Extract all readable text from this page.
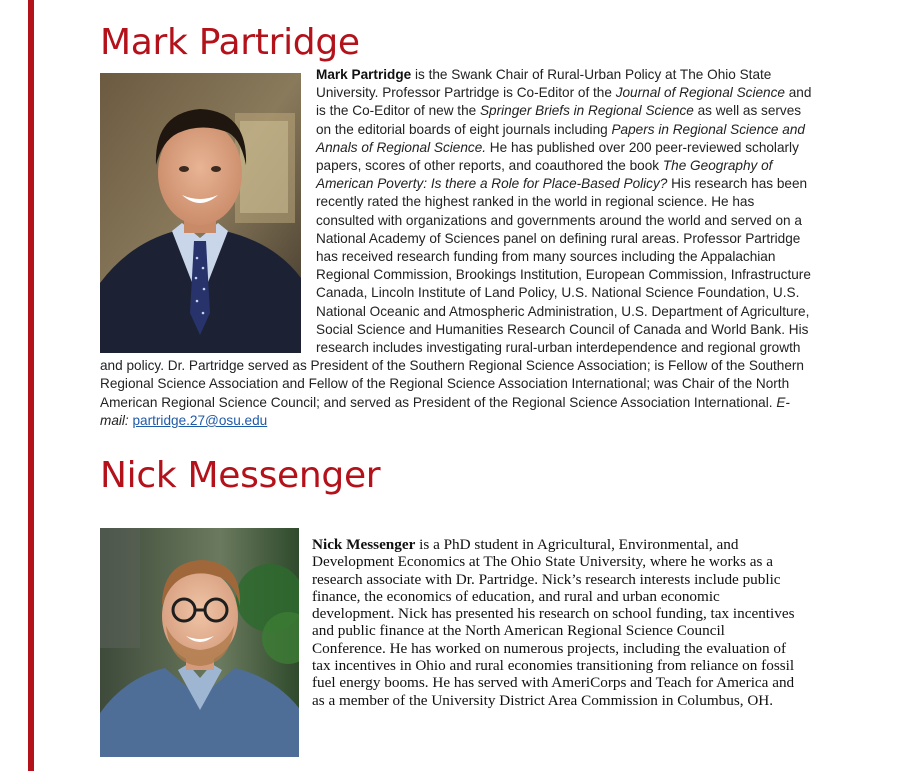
Mark Partridge
Mark Partridge is the Swank Chair of Rural-Urban Policy at The Ohio State University. Professor Partridge is Co-Editor of the Journal of Regional Science and is the Co-Editor of new the Springer Briefs in Regional Science as well as serves on the editorial boards of eight journals including Papers in Regional Science and Annals of Regional Science. He has published over 200 peer-reviewed scholarly papers, scores of other reports, and coauthored the book The Geography of American Poverty: Is there a Role for Place-Based Policy? His research has been recently rated the highest ranked in the world in regional science. He has consulted with organizations and governments around the world and served on a National Academy of Sciences panel on defining rural areas. Professor Partridge has received research funding from many sources including the Appalachian Regional Commission, Brookings Institution, European Commission, Infrastructure Canada, Lincoln Institute of Land Policy, U.S. National Science Foundation, U.S. National Oceanic and Atmospheric Administration, U.S. Department of Agriculture, Social Science and Humanities Research Council of Canada and World Bank. His research includes investigating rural-urban interdependence and regional growth and policy. Dr. Partridge served as President of the Southern Regional Science Association; is Fellow of the Southern Regional Science Association and Fellow of the Regional Science Association International; was Chair of the North American Regional Science Council; and served as President of the Regional Science Association International. E-mail: partridge.27@osu.edu
Nick Messenger
Nick Messenger is a PhD student in Agricultural, Environmental, and Development Economics at The Ohio State University, where he works as a research associate with Dr. Partridge. Nick’s research interests include public finance, the economics of education, and rural and urban economic development. Nick has presented his research on school funding, tax incentives and public finance at the North American Regional Science Council Conference. He has worked on numerous projects, including the evaluation of tax incentives in Ohio and rural economies transitioning from reliance on fossil fuel energy booms. He has served with AmeriCorps and Teach for America and as a member of the University District Area Commission in Columbus, OH.
